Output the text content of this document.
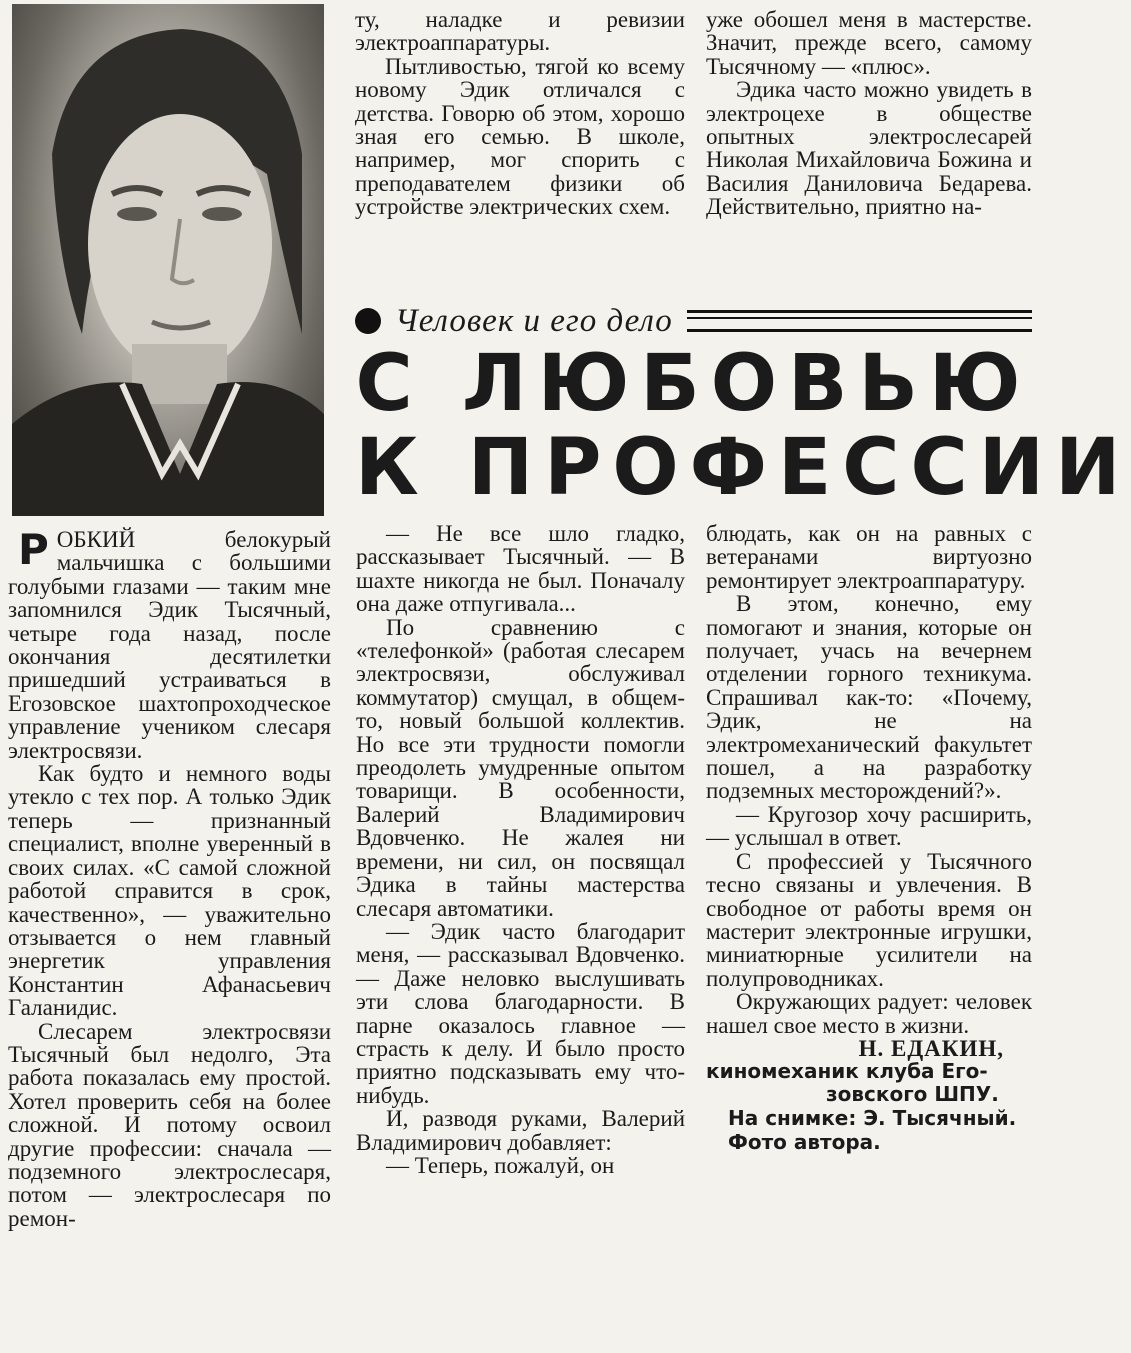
ту, наладке и ревизии электроаппаратуры.

Пытливостью, тягой ко всему новому Эдик отличался с детства. Говорю об этом, хорошо зная его семью. В школе, например, мог спорить с преподавателем физики об устройстве электрических схем.

уже обошел меня в мастерстве. Значит, прежде всего, самому Тысячному — «плюс».

Эдика часто можно увидеть в электроцехе в обществе опытных электрослесарей Николая Михайловича Божина и Василия Даниловича Бедарева. Действительно, приятно на-

Человек и его дело
С ЛЮБОВЬЮ
К ПРОФЕССИИ

РОБКИЙ белокурый мальчишка с большими голубыми глазами — таким мне запомнился Эдик Тысячный, четыре года назад, после окончания десятилетки пришедший устраиваться в Егозовское шахтопроходческое управление учеником слесаря электросвязи.

Как будто и немного воды утекло с тех пор. А только Эдик теперь — признанный специалист, вполне уверенный в своих силах. «С самой сложной работой справится в срок, качественно», — уважительно отзывается о нем главный энергетик управления Константин Афанасьевич Галанидис.

Слесарем электросвязи Тысячный был недолго, Эта работа показалась ему простой. Хотел проверить себя на более сложной. И потому освоил другие профессии: сначала — подземного электрослесаря, потом — электрослесаря по ремон-

— Не все шло гладко, рассказывает Тысячный. — В шахте никогда не был. Поначалу она даже отпугивала...

По сравнению с «телефонкой» (работая слесарем электросвязи, обслуживал коммутатор) смущал, в общем-то, новый большой коллектив. Но все эти трудности помогли преодолеть умудренные опытом товарищи. В особенности, Валерий Владимирович Вдовченко. Не жалея ни времени, ни сил, он посвящал Эдика в тайны мастерства слесаря автоматики.

— Эдик часто благодарит меня, — рассказывал Вдовченко. — Даже неловко выслушивать эти слова благодарности. В парне оказалось главное — страсть к делу. И было просто приятно подсказывать ему что-нибудь.

И, разводя руками, Валерий Владимирович добавляет:

— Теперь, пожалуй, он

блюдать, как он на равных с ветеранами виртуозно ремонтирует электроаппаратуру.

В этом, конечно, ему помогают и знания, которые он получает, учась на вечернем отделении горного техникума. Спрашивал как-то: «Почему, Эдик, не на электромеханический факультет пошел, а на разработку подземных месторождений?».

— Кругозор хочу расширить, — услышал в ответ.

С профессией у Тысячного тесно связаны и увлечения. В свободное от работы время он мастерит электронные игрушки, миниатюрные усилители на полупроводниках.

Окружающих радует: человек нашел свое место в жизни.

Н. ЕДАКИН,
киномеханик клуба Его-
зовского ШПУ.
На снимке: Э. Тысячный.
Фото автора.
